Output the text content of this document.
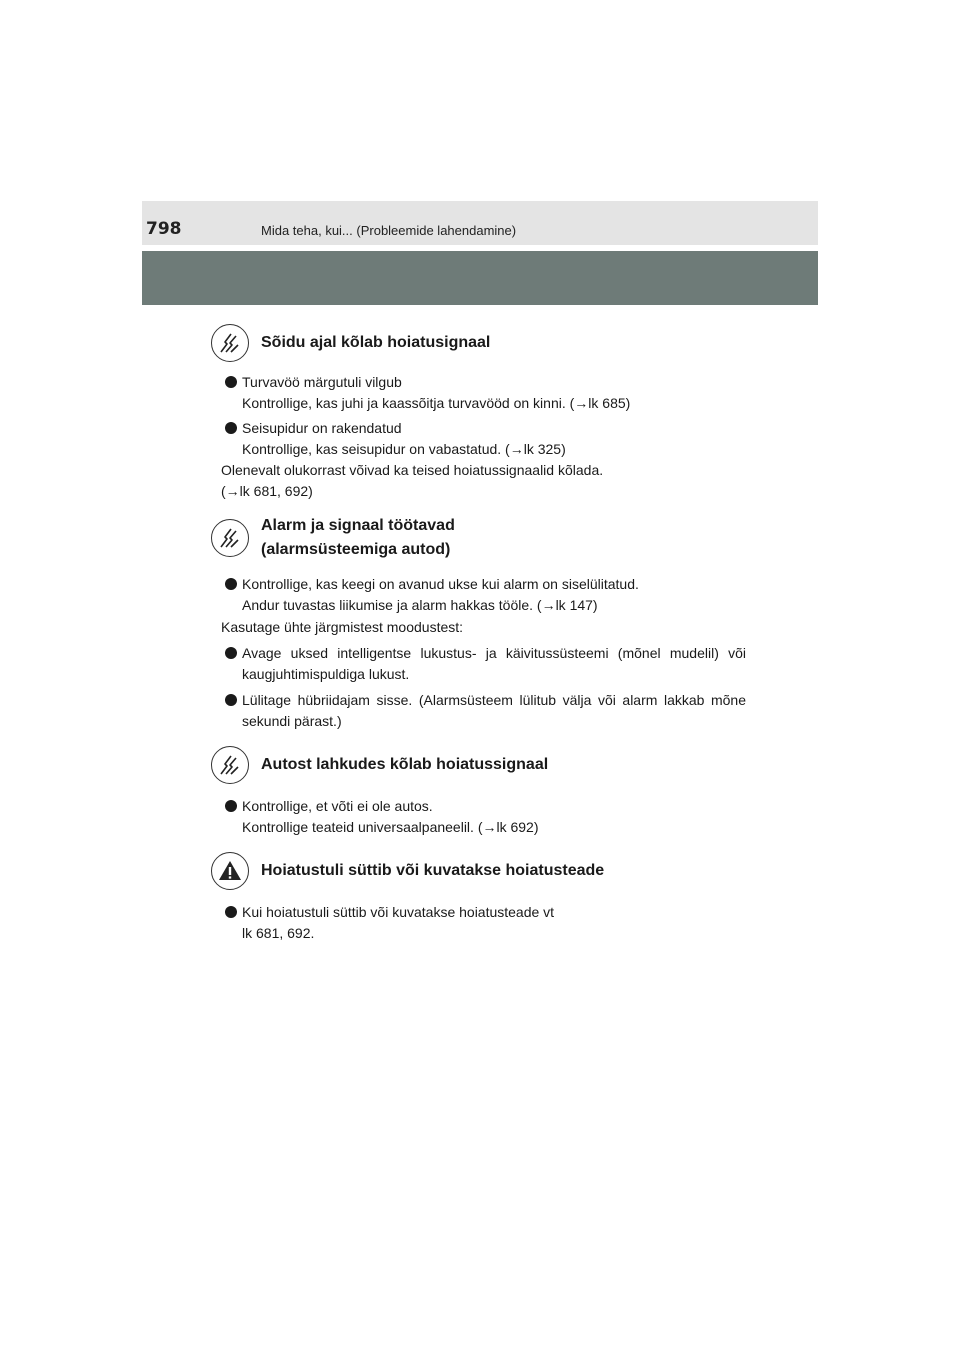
798	Mida teha, kui... (Probleemide lahendamine)
Sõidu ajal kõlab hoiatusignaal

Turvavöö märgutuli vilgub

Kontrollige, kas juhi ja kaassõitja turvavööd on kinni. (→lk 685)

Seisupidur on rakendatud

Kontrollige, kas seisupidur on vabastatud. (→lk 325)

Olenevalt olukorrast võivad ka teised hoiatussignaalid kõlada.

(→lk 681, 692)

Alarm ja signaal töötavad
(alarmsüsteemiga autod)

Kontrollige, kas keegi on avanud ukse kui alarm on siselülitatud.

Andur tuvastas liikumise ja alarm hakkas tööle. (→lk 147)

Kasutage ühte järgmistest moodustest:

Avage uksed intelligentse lukustus- ja käivitussüsteemi (mõnel mudelil) või kaugjuhtimispuldiga lukust.

Lülitage hübriidajam sisse. (Alarmsüsteem lülitub välja või alarm lakkab mõne sekundi pärast.)

Autost lahkudes kõlab hoiatussignaal

Kontrollige, et võti ei ole autos.

Kontrollige teateid universaalpaneelil. (→lk 692)

Hoiatustuli süttib või kuvatakse hoiatusteade

Kui hoiatustuli süttib või kuvatakse hoiatusteade vt

lk 681, 692.
